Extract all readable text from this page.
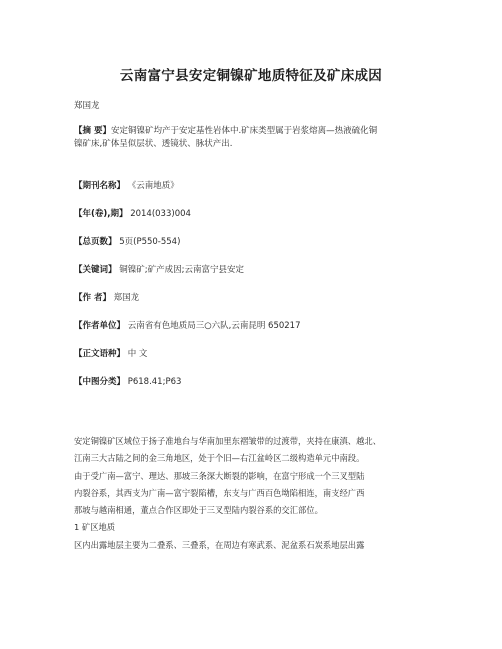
云南富宁县安定铜镍矿地质特征及矿床成因
郑国龙
【摘 要】安定铜镍矿均产于安定基性岩体中.矿床类型属于岩浆熔离—热液硫化铜
镍矿床,矿体呈似层状、透镜状、脉状产出.
【期刊名称】 《云南地质》
【年(卷),期】 2014(033)004
【总页数】 5页(P550-554)
【关键词】 铜镍矿;矿产成因;云南富宁县安定
【作 者】 郑国龙
【作者单位】 云南省有色地质局三○六队,云南昆明 650217
【正文语种】 中 文
【中图分类】 P618.41;P63
安定铜镍矿区域位于扬子准地台与华南加里东褶皱带的过渡带，夹持在康滇、越北、
江南三大古陆之间的金三角地区，处于个旧—右江盆岭区二级构造单元中南段。
由于受广南—富宁、理达、那坡三条深大断裂的影响，在富宁形成一个三叉型陆
内裂谷系，其西支为广南—富宁裂陷槽，东支与广西百色坳陷相连，南支经广西
那坡与越南相通，董点合作区即处于三叉型陆内裂谷系的交汇部位。
1 矿区地质
区内出露地层主要为二叠系、三叠系，在周边有寒武系、泥盆系石炭系地层出露
